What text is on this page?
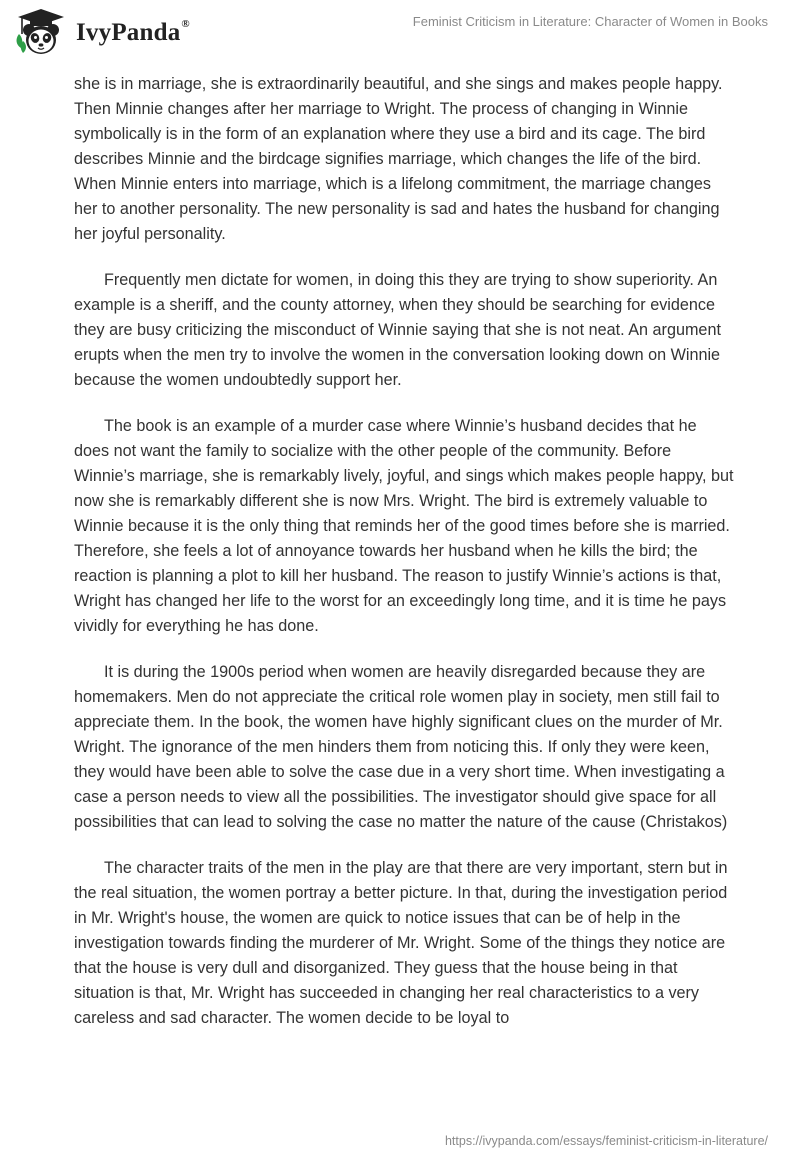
IvyPanda®	Feminist Criticism in Literature: Character of Women in Books

she is in marriage, she is extraordinarily beautiful, and she sings and makes people happy. Then Minnie changes after her marriage to Wright. The process of changing in Winnie symbolically is in the form of an explanation where they use a bird and its cage. The bird describes Minnie and the birdcage signifies marriage, which changes the life of the bird. When Minnie enters into marriage, which is a lifelong commitment, the marriage changes her to another personality. The new personality is sad and hates the husband for changing her joyful personality.

Frequently men dictate for women, in doing this they are trying to show superiority. An example is a sheriff, and the county attorney, when they should be searching for evidence they are busy criticizing the misconduct of Winnie saying that she is not neat. An argument erupts when the men try to involve the women in the conversation looking down on Winnie because the women undoubtedly support her.

The book is an example of a murder case where Winnie’s husband decides that he does not want the family to socialize with the other people of the community. Before Winnie’s marriage, she is remarkably lively, joyful, and sings which makes people happy, but now she is remarkably different she is now Mrs. Wright. The bird is extremely valuable to Winnie because it is the only thing that reminds her of the good times before she is married. Therefore, she feels a lot of annoyance towards her husband when he kills the bird; the reaction is planning a plot to kill her husband. The reason to justify Winnie’s actions is that, Wright has changed her life to the worst for an exceedingly long time, and it is time he pays vividly for everything he has done.

It is during the 1900s period when women are heavily disregarded because they are homemakers. Men do not appreciate the critical role women play in society, men still fail to appreciate them. In the book, the women have highly significant clues on the murder of Mr. Wright. The ignorance of the men hinders them from noticing this. If only they were keen, they would have been able to solve the case due in a very short time. When investigating a case a person needs to view all the possibilities. The investigator should give space for all possibilities that can lead to solving the case no matter the nature of the cause (Christakos)

The character traits of the men in the play are that there are very important, stern but in the real situation, the women portray a better picture. In that, during the investigation period in Mr. Wright's house, the women are quick to notice issues that can be of help in the investigation towards finding the murderer of Mr. Wright. Some of the things they notice are that the house is very dull and disorganized. They guess that the house being in that situation is that, Mr. Wright has succeeded in changing her real characteristics to a very careless and sad character. The women decide to be loyal to

https://ivypanda.com/essays/feminist-criticism-in-literature/
